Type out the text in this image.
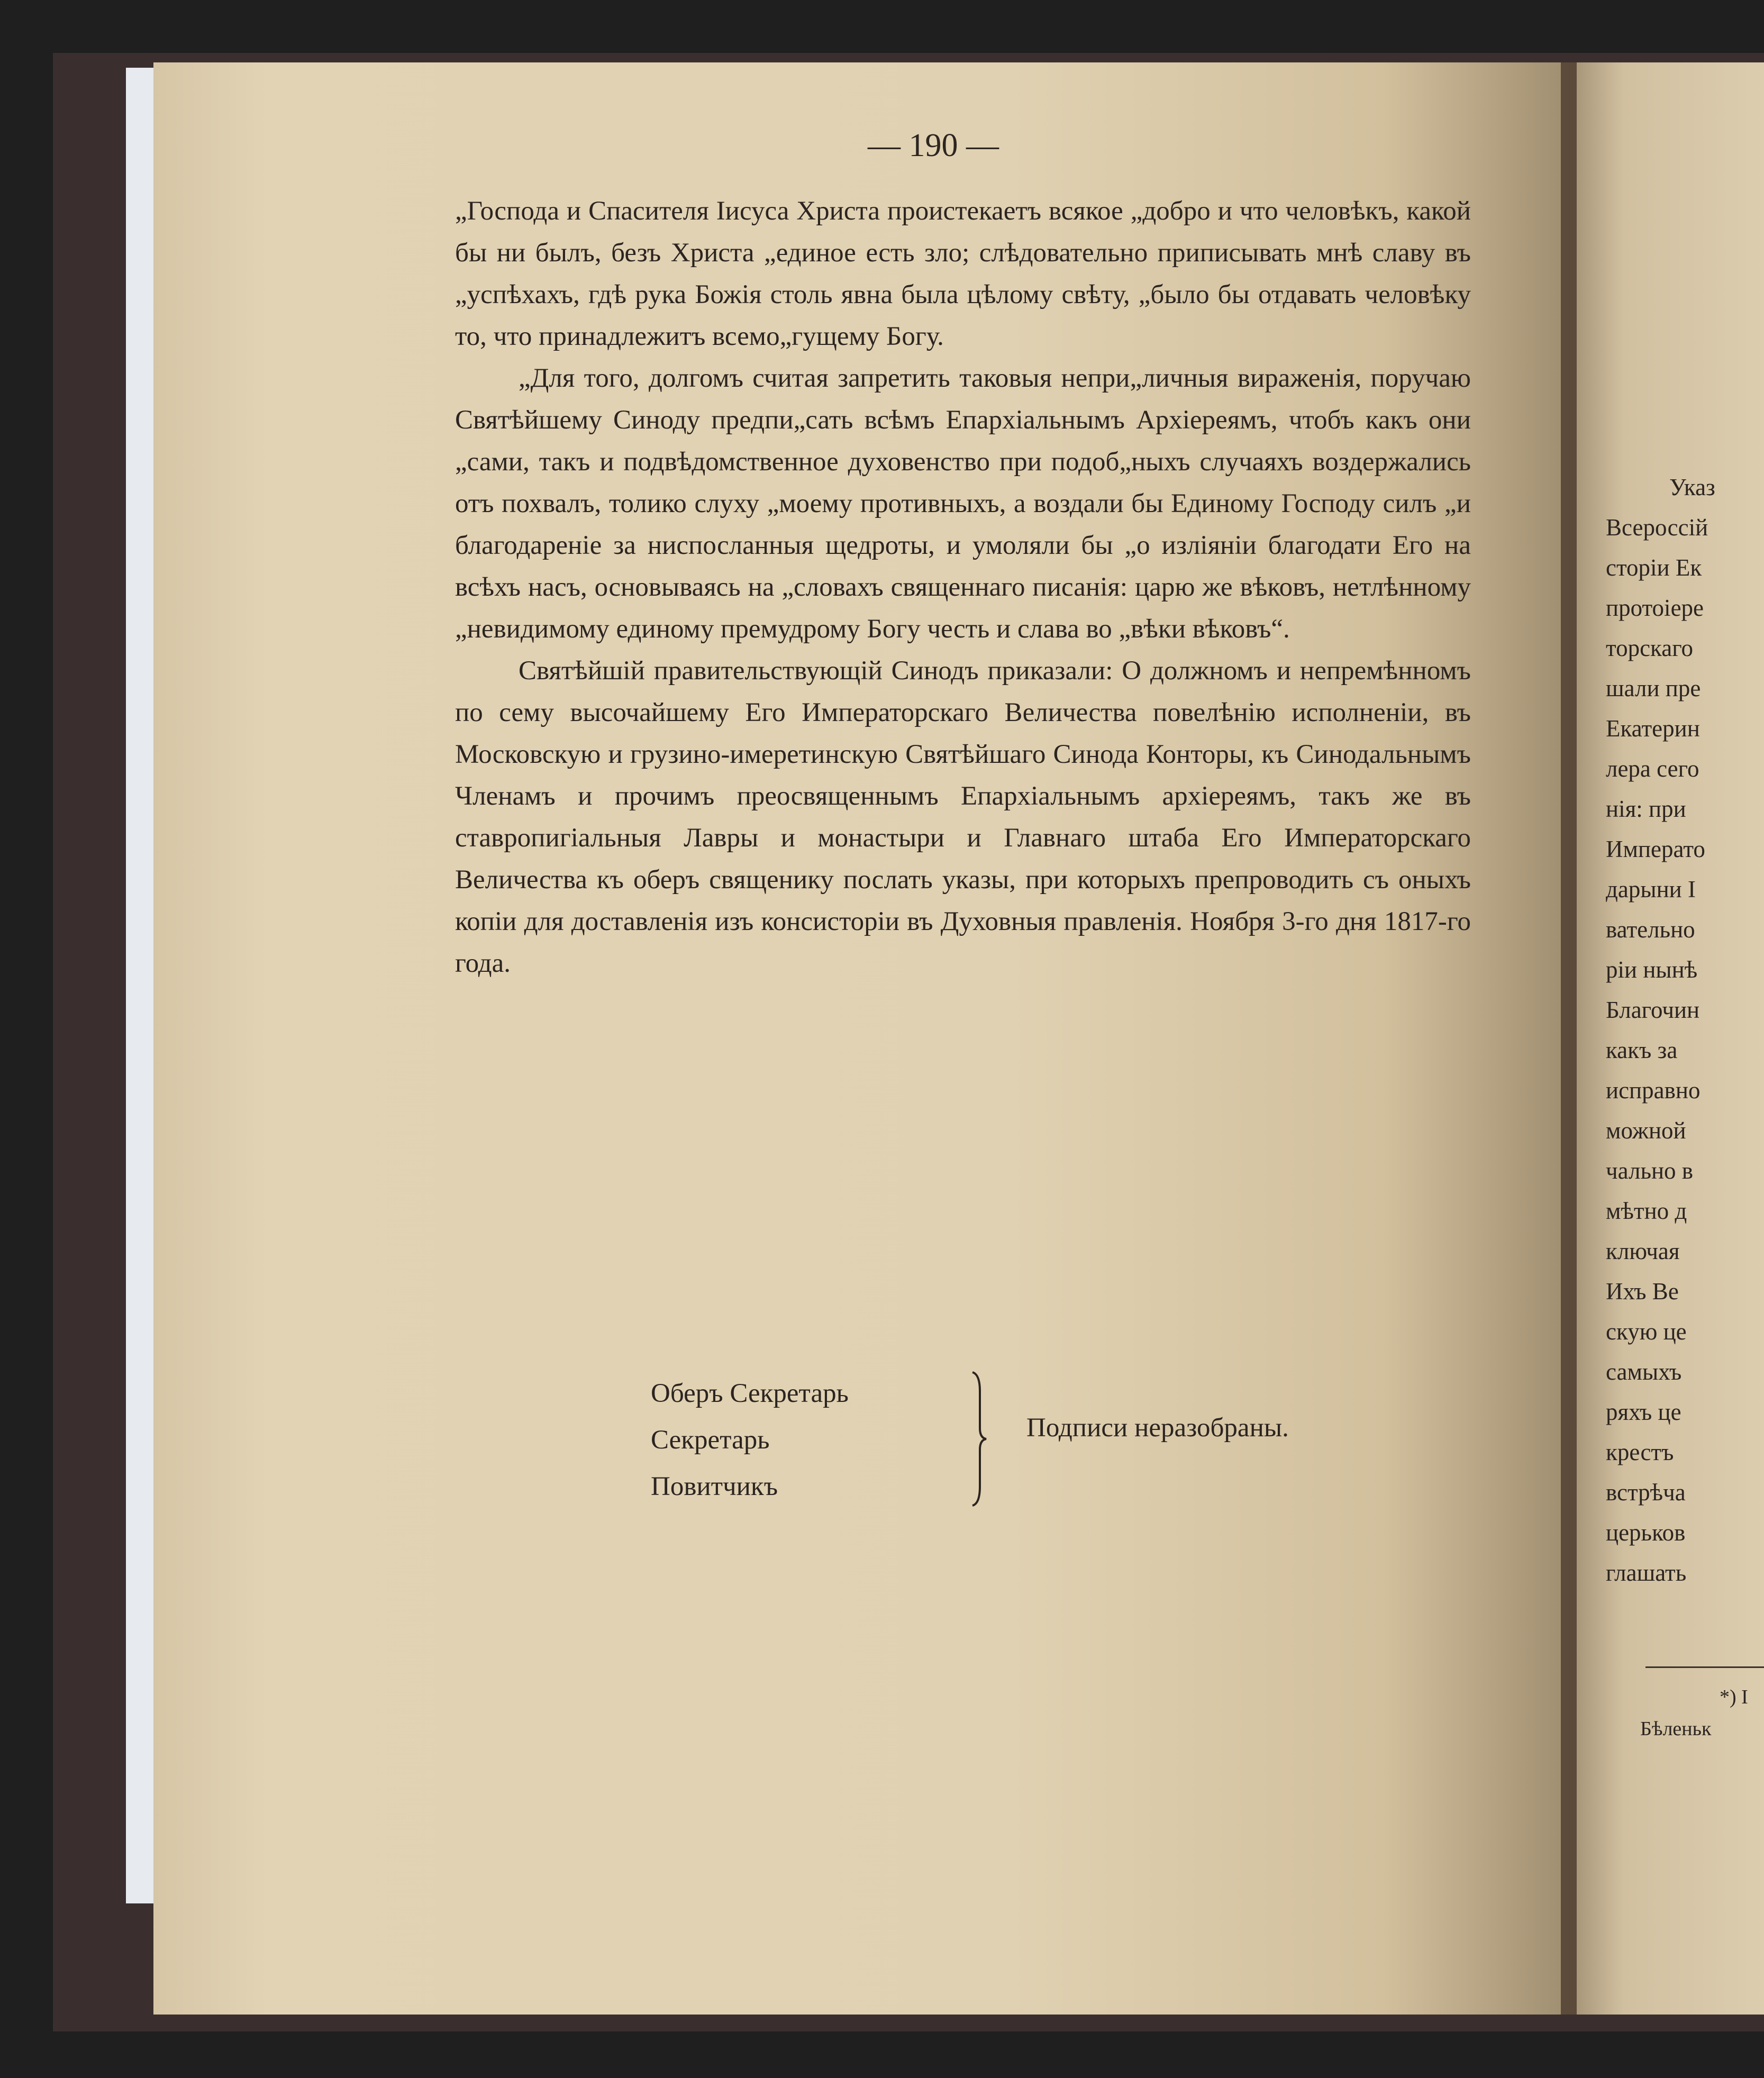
— 190 —

„Господа и Спасителя Iисуса Христа проистекаетъ всякое „добро и что человѣкъ, какой бы ни былъ, безъ Христа „единое есть зло; слѣдовательно приписывать мнѣ славу въ „успѣхахъ, гдѣ рука Божія столь явна была цѣлому свѣту, „было бы отдавать человѣку то, что принадлежитъ всемо„гущему Богу.

„Для того, долгомъ считая запретить таковыя непри„личныя вираженія, поручаю Святѣйшему Синоду предпи„сать всѣмъ Епархіальнымъ Архіереямъ, чтобъ какъ они „сами, такъ и подвѣдомственное духовенство при подоб„ныхъ случаяхъ воздержались отъ похвалъ, толико слуху „моему противныхъ, а воздали бы Единому Господу силъ „и благодареніе за ниспосланныя щедроты, и умоляли бы „о изліяніи благодати Его на всѣхъ насъ, основываясь на „словахъ священнаго писанія: царю же вѣковъ, нетлѣнному „невидимому единому премудрому Богу честь и слава во „вѣки вѣковъ“.

Святѣйшій правительствующій Синодъ приказали: О должномъ и непремѣнномъ по сему высочайшему Его Императорскаго Величества повелѣнію исполненіи, въ Московскую и грузино-имеретинскую Святѣйшаго Синода Конторы, къ Синодальнымъ Членамъ и прочимъ преосвященнымъ Епархіальнымъ архіереямъ, такъ же въ ставропигіальныя Лавры и монастыри и Главнаго штаба Его Императорскаго Величества къ оберъ священику послать указы, при которыхъ препроводить съ оныхъ копіи для доставленія изъ консисторіи въ Духовныя правленія. Ноября 3-го дня 1817-го года.

Оберъ Секретарь
Секретарь
Повитчикъ
Подписи неразобраны.
Указ
Всероссій
сторіи Ек
протоіере
торскаго
шали пре
Екатерин
лера сего
нія: при
Императо
дарыни I
вательно
ріи нынѣ
Благочин
какъ за
исправно
можной
чально в
мѣтно д
ключая
Ихъ Ве
скую це
самыхъ
ряхъ це
крестъ
встрѣча
церьков
глашать
*) I
Бѣленьк
